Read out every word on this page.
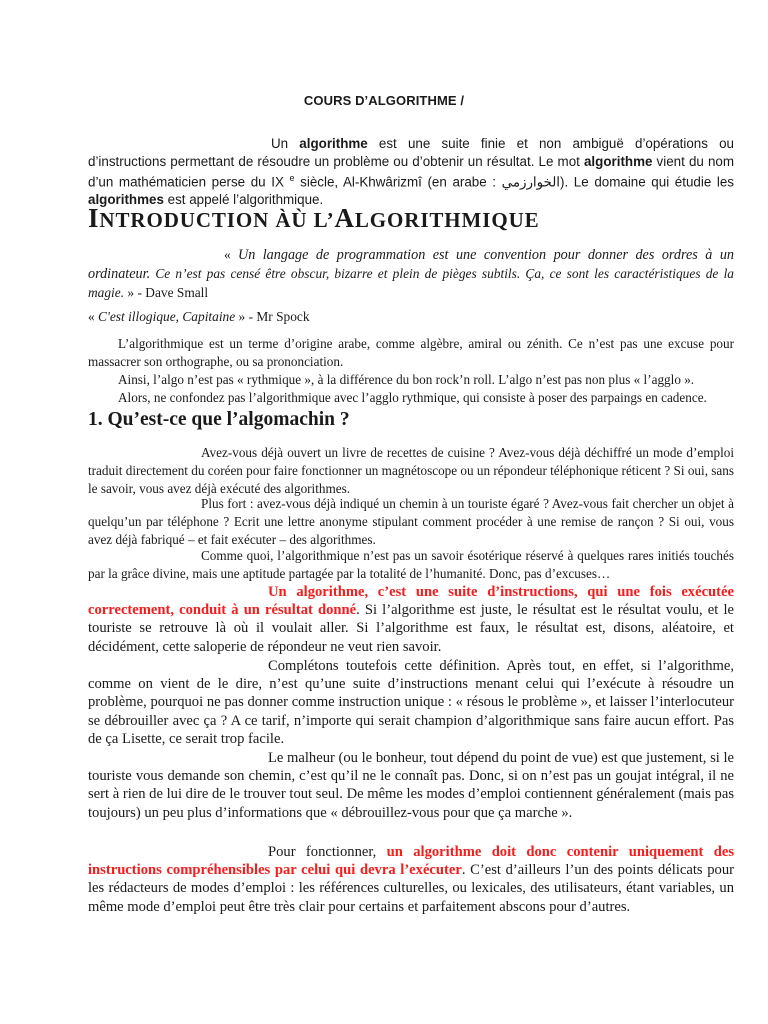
COURS D’ALGORITHME /
Un algorithme est une suite finie et non ambiguë d’opérations ou d’instructions permettant de résoudre un problème ou d’obtenir un résultat. Le mot algorithme vient du nom d’un mathématicien perse du IX $^e$ siècle, Al-Khwârizmî (en arabe : الخوارزمي). Le domaine qui étudie les algorithmes est appelé l’algorithmique.
INTRODUCTION ÀÙ L’ALGORITHMIQUE
« Un langage de programmation est une convention pour donner des ordres à un ordinateur. Ce n’est pas censé être obscur, bizarre et plein de pièges subtils. Ça, ce sont les caractéristiques de la magie. » - Dave Small
« C'est illogique, Capitaine » - Mr Spock
L’algorithmique est un terme d’origine arabe, comme algèbre, amiral ou zénith. Ce n’est pas une excuse pour massacrer son orthographe, ou sa prononciation.
Ainsi, l’algo n’est pas « rythmique », à la différence du bon rock’n roll. L’algo n’est pas non plus « l’agglo ».
Alors, ne confondez pas l’algorithmique avec l’agglo rythmique, qui consiste à poser des parpaings en cadence.
1. Qu’est-ce que l’algomachin ?
Avez-vous déjà ouvert un livre de recettes de cuisine ? Avez-vous déjà déchiffré un mode d’emploi traduit directement du coréen pour faire fonctionner un magnétoscope ou un répondeur téléphonique réticent ? Si oui, sans le savoir, vous avez déjà exécuté des algorithmes.
Plus fort : avez-vous déjà indiqué un chemin à un touriste égaré ? Avez-vous fait chercher un objet à quelqu’un par téléphone ? Ecrit une lettre anonyme stipulant comment procéder à une remise de rançon ? Si oui, vous avez déjà fabriqué – et fait exécuter – des algorithmes.
Comme quoi, l’algorithmique n’est pas un savoir ésotérique réservé à quelques rares initiés touchés par la grâce divine, mais une aptitude partagée par la totalité de l’humanité. Donc, pas d’excuses…
Un algorithme, c’est une suite d’instructions, qui une fois exécutée correctement, conduit à un résultat donné. Si l’algorithme est juste, le résultat est le résultat voulu, et le touriste se retrouve là où il voulait aller. Si l’algorithme est faux, le résultat est, disons, aléatoire, et décidément, cette saloperie de répondeur ne veut rien savoir.
Complétons toutefois cette définition. Après tout, en effet, si l’algorithme, comme on vient de le dire, n’est qu’une suite d’instructions menant celui qui l’exécute à résoudre un problème, pourquoi ne pas donner comme instruction unique : « résous le problème », et laisser l’interlocuteur se débrouiller avec ça ? A ce tarif, n’importe qui serait champion d’algorithmique sans faire aucun effort. Pas de ça Lisette, ce serait trop facile.
Le malheur (ou le bonheur, tout dépend du point de vue) est que justement, si le touriste vous demande son chemin, c’est qu’il ne le connaît pas. Donc, si on n’est pas un goujat intégral, il ne sert à rien de lui dire de le trouver tout seul. De même les modes d’emploi contiennent généralement (mais pas toujours) un peu plus d’informations que « débrouillez-vous pour que ça marche ».
Pour fonctionner, un algorithme doit donc contenir uniquement des instructions compréhensibles par celui qui devra l’exécuter. C’est d’ailleurs l’un des points délicats pour les rédacteurs de modes d’emploi : les références culturelles, ou lexicales, des utilisateurs, étant variables, un même mode d’emploi peut être très clair pour certains et parfaitement abscons pour d’autres.
